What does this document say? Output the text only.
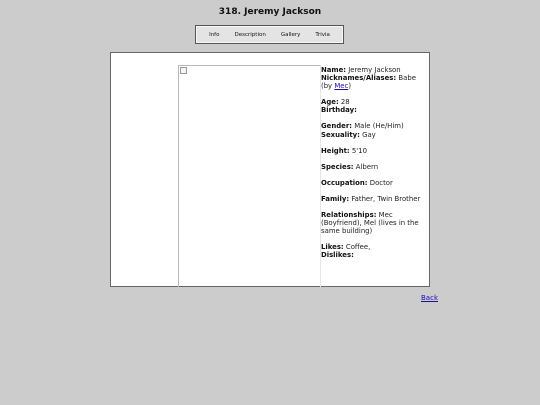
318. Jeremy Jackson
Info	Description	Gallery	Trivia
Name: Jeremy Jackson
Nicknames/Aliases: Babe (by Mec)
Age: 28
Birthday:
Gender: Male (He/Him)
Sexuality: Gay
Height: 5'10
Species: Albern
Occupation: Doctor
Family: Father, Twin Brother
Relationships: Mec (Boyfriend), Mel (lives in the same building)
Likes: Coffee,
Dislikes:
Back
